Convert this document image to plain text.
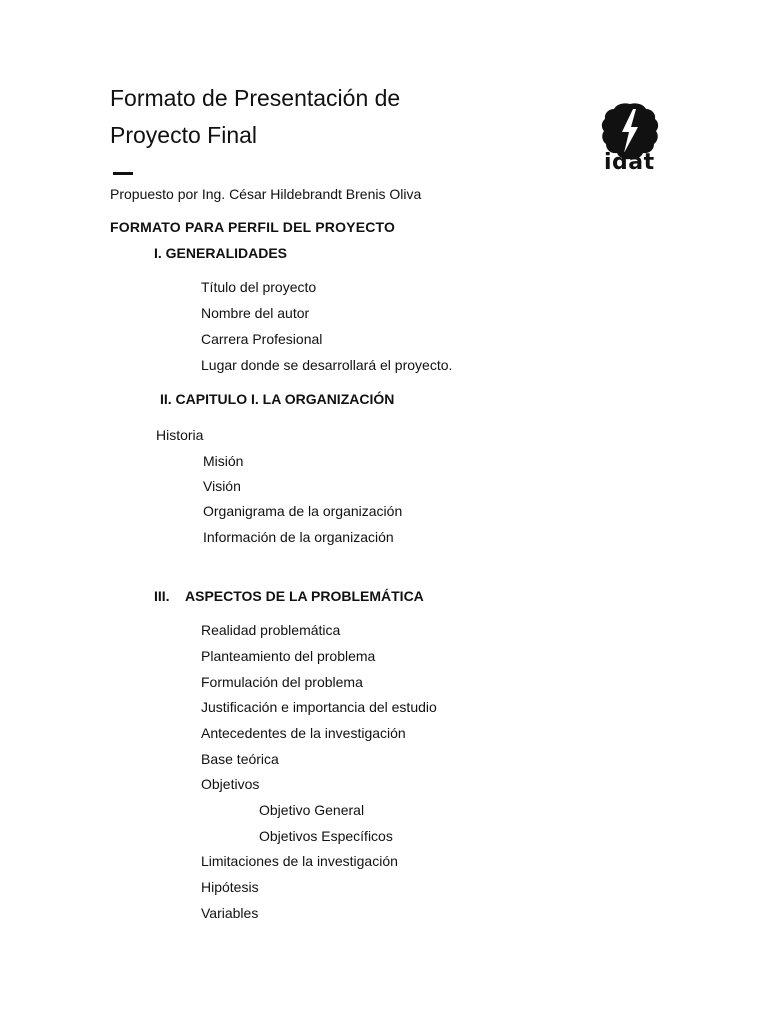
Formato de Presentación de
Proyecto Final
idat
Propuesto por Ing. César Hildebrandt Brenis Oliva
FORMATO PARA PERFIL DEL PROYECTO
I. GENERALIDADES
Título del proyecto
Nombre del autor
Carrera Profesional
Lugar donde se desarrollará el proyecto.
II. CAPITULO I. LA ORGANIZACIÓN
Historia
Misión
Visión
Organigrama de la organización
Información de la organización
III. ASPECTOS DE LA PROBLEMÁTICA
Realidad problemática
Planteamiento del problema
Formulación del problema
Justificación e importancia del estudio
Antecedentes de la investigación
Base teórica
Objetivos
Objetivo General
Objetivos Específicos
Limitaciones de la investigación
Hipótesis
Variables
